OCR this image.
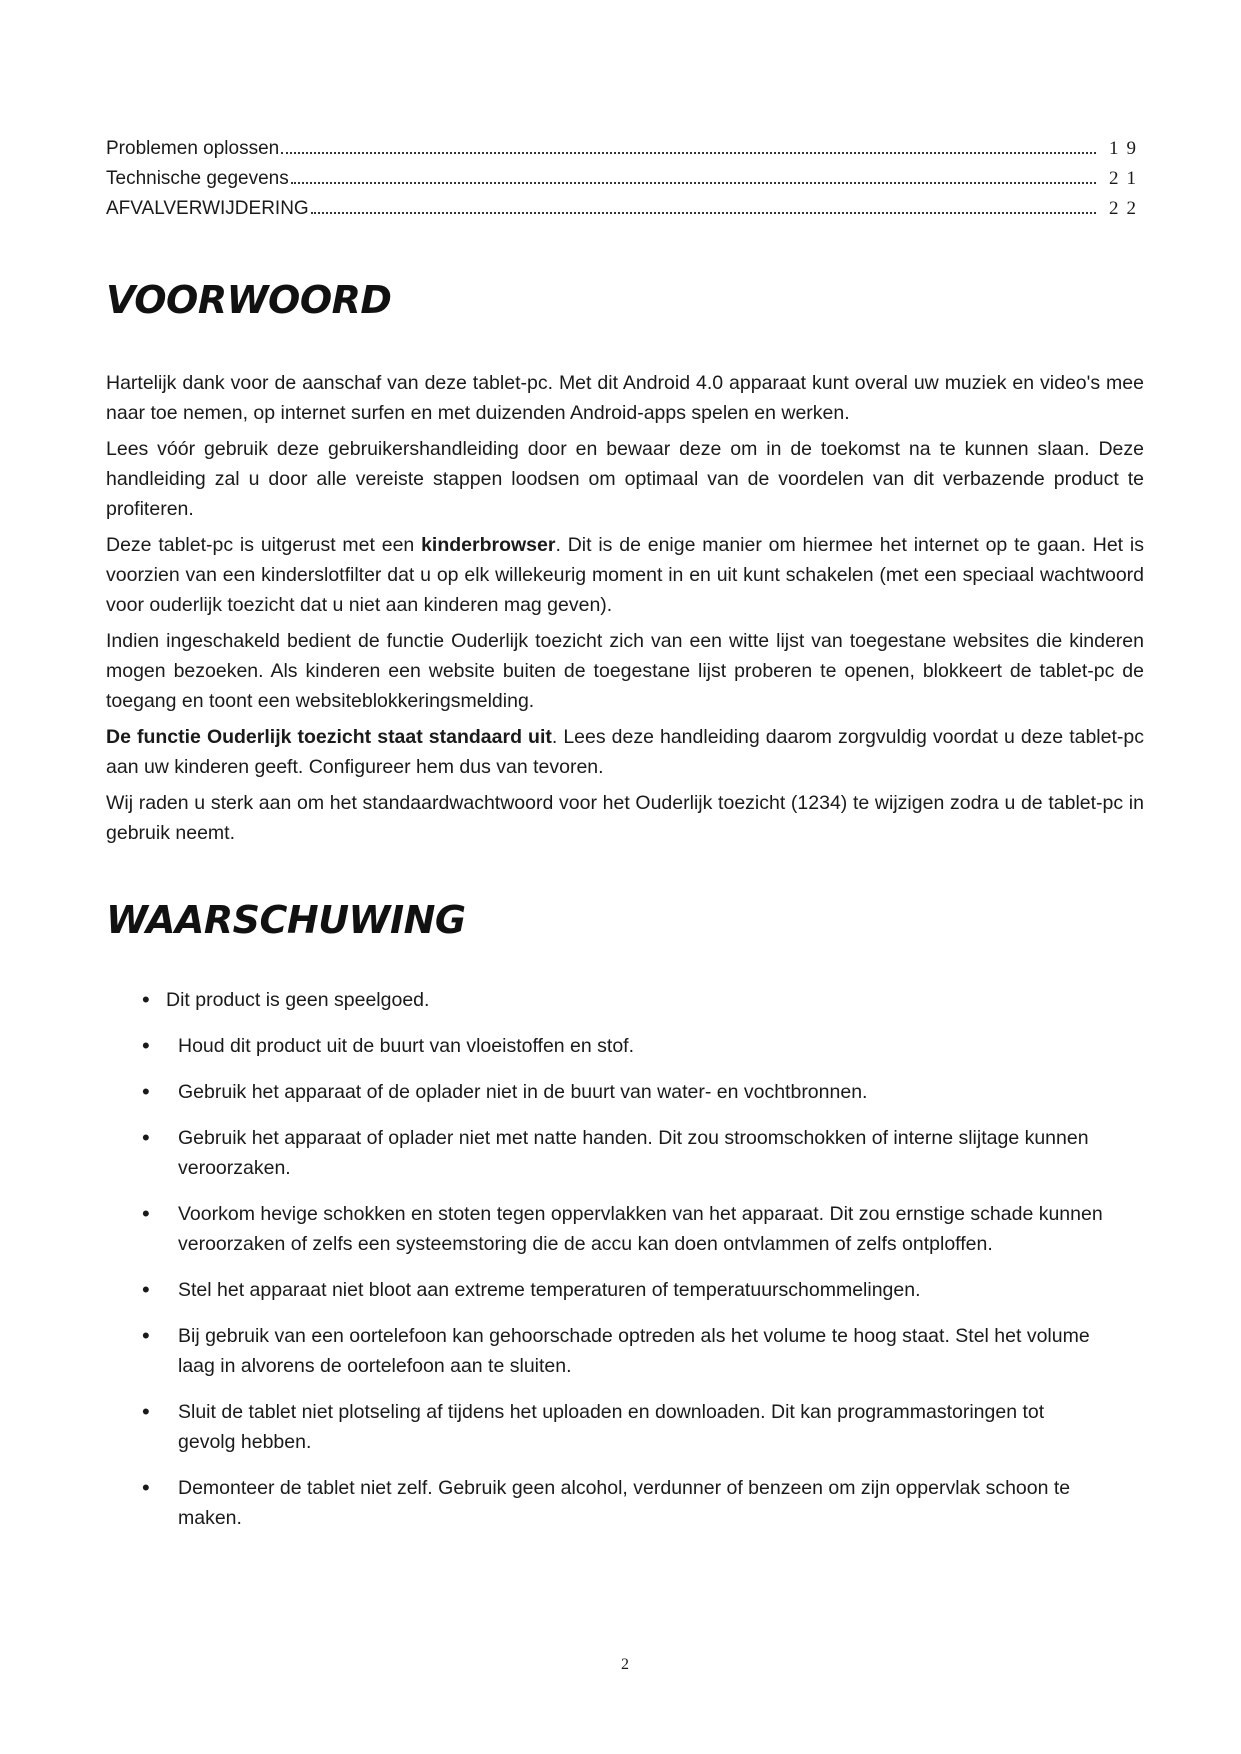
Problemen oplossen	19
Technische gegevens	21
AFVALVERWIJDERING	22
VOORWOORD

Hartelijk dank voor de aanschaf van deze tablet-pc. Met dit Android 4.0 apparaat kunt overal uw muziek en video's mee naar toe nemen, op internet surfen en met duizenden Android-apps spelen en werken.

Lees vóór gebruik deze gebruikershandleiding door en bewaar deze om in de toekomst na te kunnen slaan. Deze handleiding zal u door alle vereiste stappen loodsen om optimaal van de voordelen van dit verbazende product te profiteren.

Deze tablet-pc is uitgerust met een kinderbrowser. Dit is de enige manier om hiermee het internet op te gaan. Het is voorzien van een kinderslotfilter dat u op elk willekeurig moment in en uit kunt schakelen (met een speciaal wachtwoord voor ouderlijk toezicht dat u niet aan kinderen mag geven).

Indien ingeschakeld bedient de functie Ouderlijk toezicht zich van een witte lijst van toegestane websites die kinderen mogen bezoeken. Als kinderen een website buiten de toegestane lijst proberen te openen, blokkeert de tablet-pc de toegang en toont een websiteblokkeringsmelding.

De functie Ouderlijk toezicht staat standaard uit. Lees deze handleiding daarom zorgvuldig voordat u deze tablet-pc aan uw kinderen geeft. Configureer hem dus van tevoren.

Wij raden u sterk aan om het standaardwachtwoord voor het Ouderlijk toezicht (1234) te wijzigen zodra u de tablet-pc in gebruik neemt.

WAARSCHUWING
• Dit product is geen speelgoed.
• Houd dit product uit de buurt van vloeistoffen en stof.
• Gebruik het apparaat of de oplader niet in de buurt van water- en vochtbronnen.
• Gebruik het apparaat of oplader niet met natte handen. Dit zou stroomschokken of interne slijtage kunnen veroorzaken.
• Voorkom hevige schokken en stoten tegen oppervlakken van het apparaat. Dit zou ernstige schade kunnen veroorzaken of zelfs een systeemstoring die de accu kan doen ontvlammen of zelfs ontploffen.
• Stel het apparaat niet bloot aan extreme temperaturen of temperatuurschommelingen.
• Bij gebruik van een oortelefoon kan gehoorschade optreden als het volume te hoog staat. Stel het volume laag in alvorens de oortelefoon aan te sluiten.
• Sluit de tablet niet plotseling af tijdens het uploaden en downloaden. Dit kan programmastoringen tot gevolg hebben.
• Demonteer de tablet niet zelf. Gebruik geen alcohol, verdunner of benzeen om zijn oppervlak schoon te maken.
2
